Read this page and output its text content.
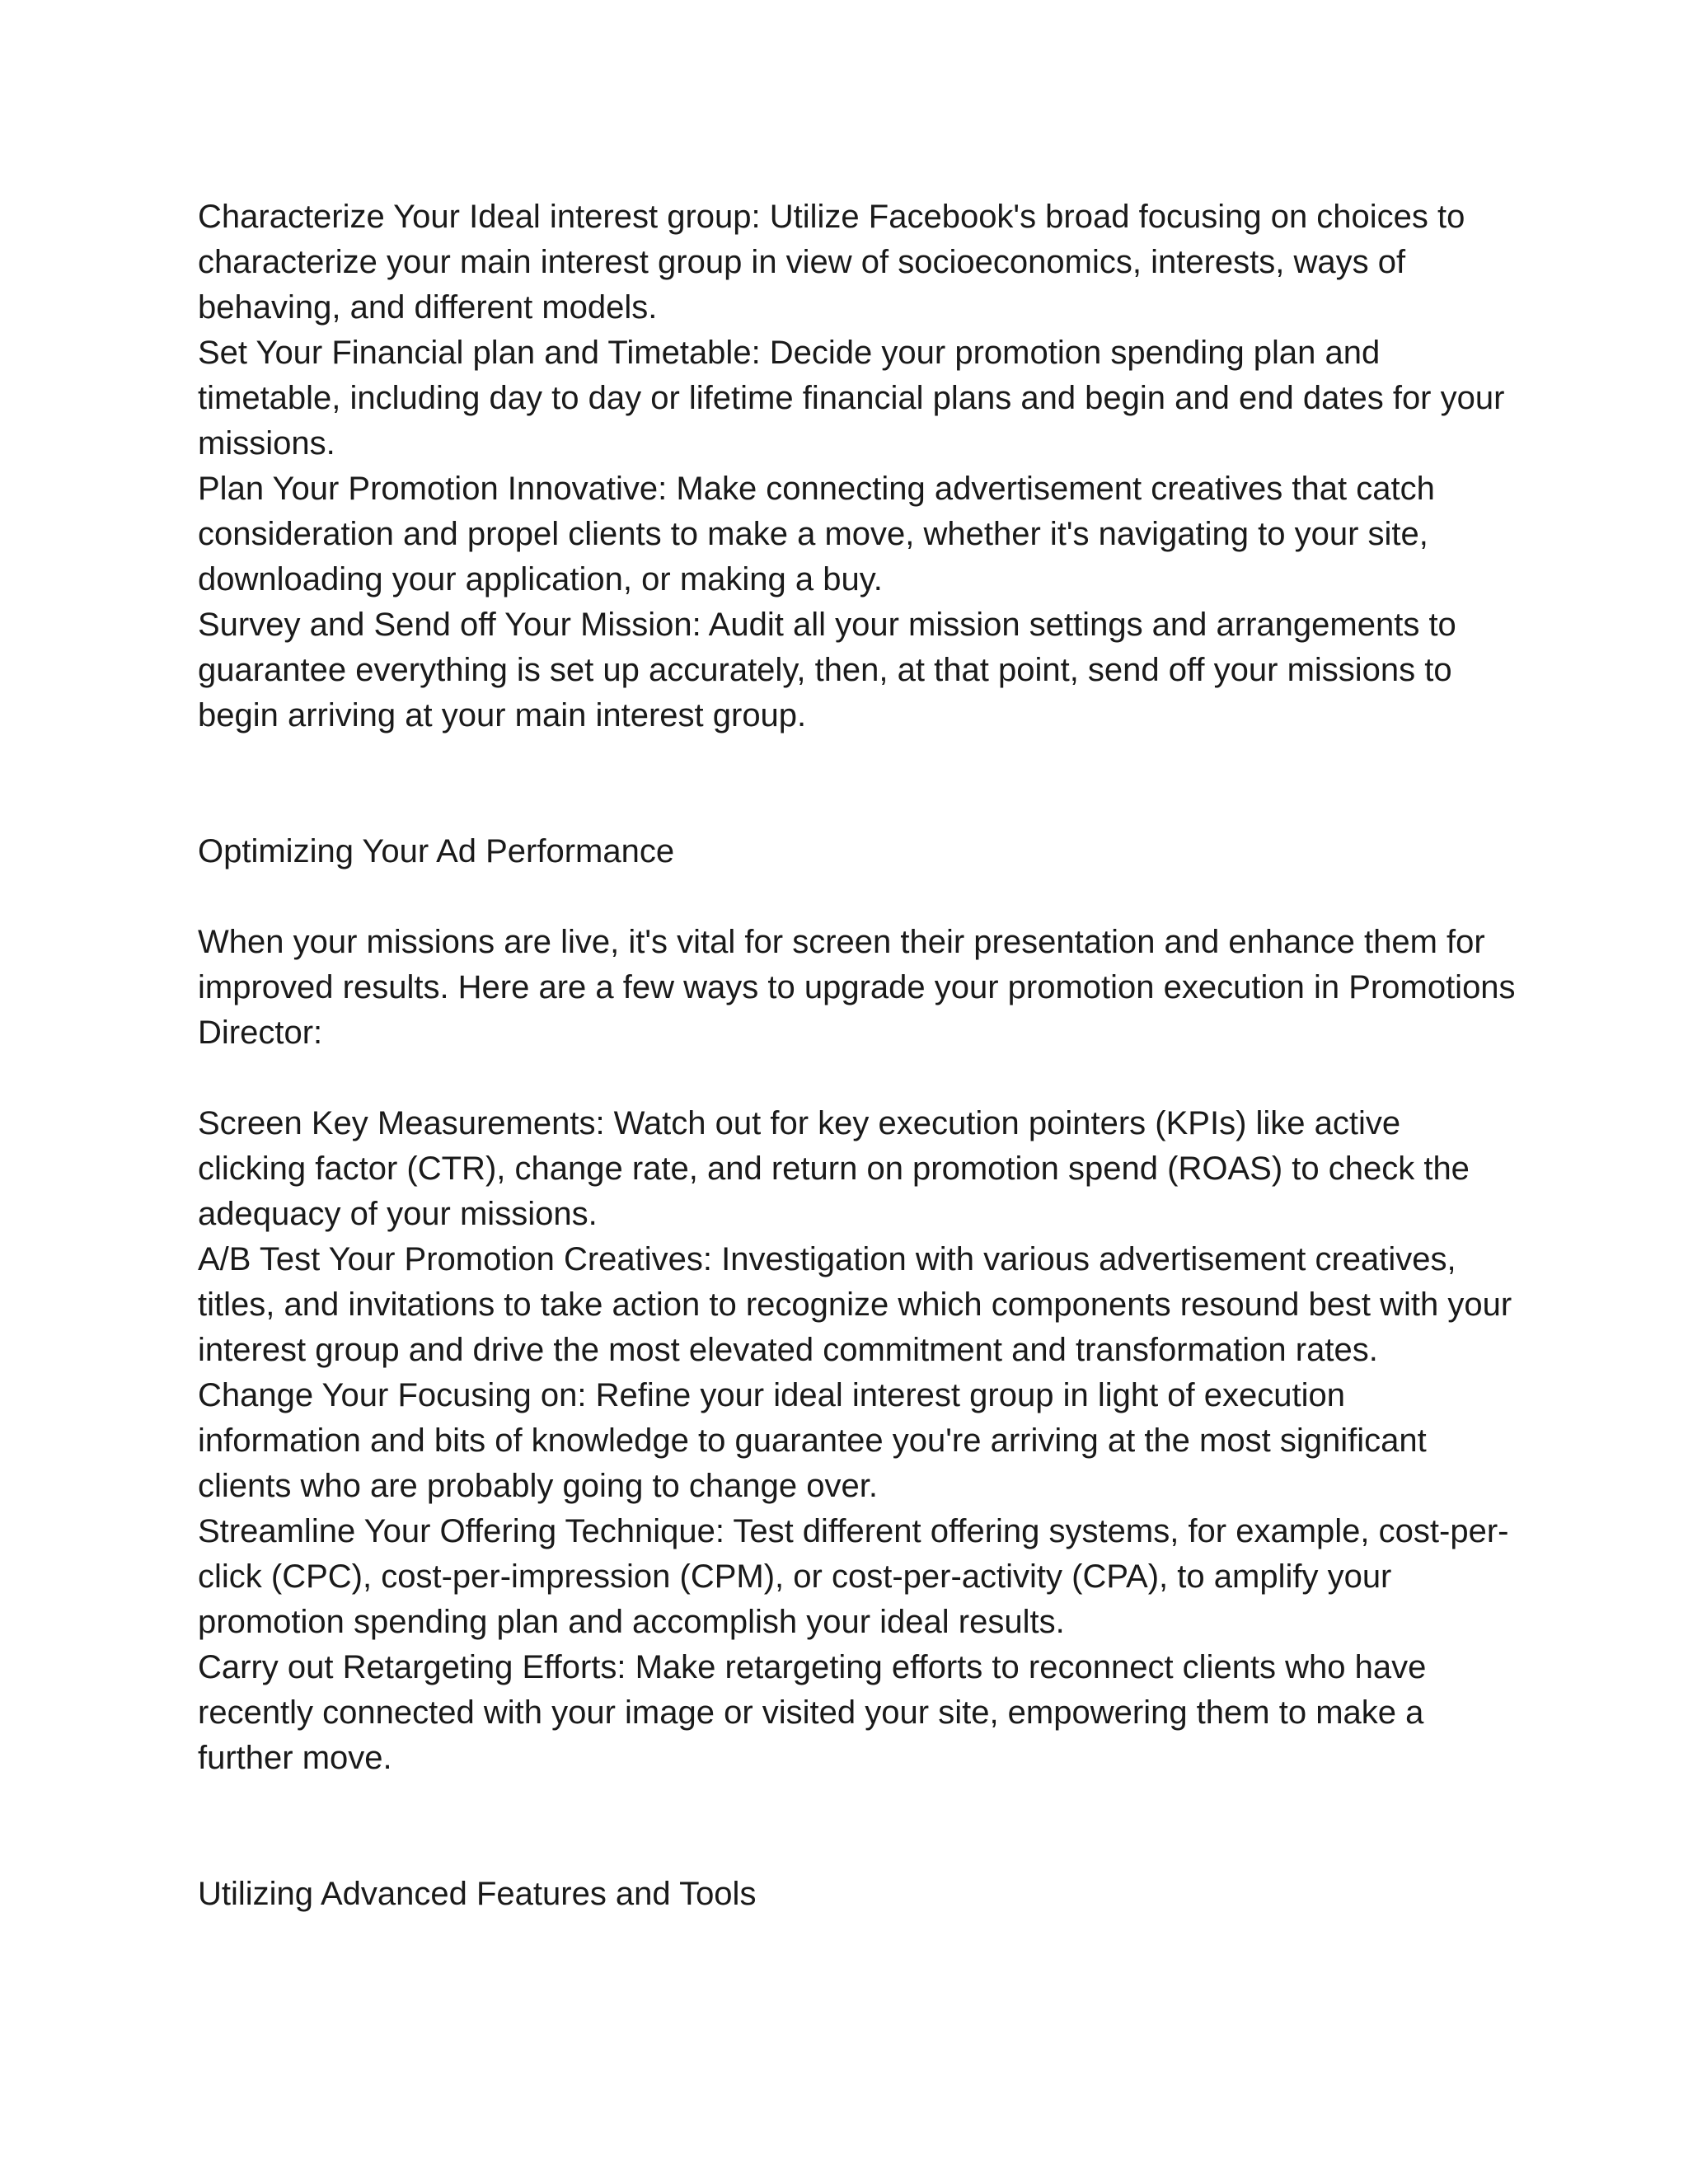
Characterize Your Ideal interest group: Utilize Facebook's broad focusing on choices to characterize your main interest group in view of socioeconomics, interests, ways of behaving, and different models.

Set Your Financial plan and Timetable: Decide your promotion spending plan and timetable, including day to day or lifetime financial plans and begin and end dates for your missions.

Plan Your Promotion Innovative: Make connecting advertisement creatives that catch consideration and propel clients to make a move, whether it's navigating to your site, downloading your application, or making a buy.

Survey and Send off Your Mission: Audit all your mission settings and arrangements to guarantee everything is set up accurately, then, at that point, send off your missions to begin arriving at your main interest group.

Optimizing Your Ad Performance

When your missions are live, it's vital for screen their presentation and enhance them for improved results. Here are a few ways to upgrade your promotion execution in Promotions Director:

Screen Key Measurements: Watch out for key execution pointers (KPIs) like active clicking factor (CTR), change rate, and return on promotion spend (ROAS) to check the adequacy of your missions.

A/B Test Your Promotion Creatives: Investigation with various advertisement creatives, titles, and invitations to take action to recognize which components resound best with your interest group and drive the most elevated commitment and transformation rates.

Change Your Focusing on: Refine your ideal interest group in light of execution information and bits of knowledge to guarantee you're arriving at the most significant clients who are probably going to change over.

Streamline Your Offering Technique: Test different offering systems, for example, cost-per-click (CPC), cost-per-impression (CPM), or cost-per-activity (CPA), to amplify your promotion spending plan and accomplish your ideal results.

Carry out Retargeting Efforts: Make retargeting efforts to reconnect clients who have recently connected with your image or visited your site, empowering them to make a further move.

Utilizing Advanced Features and Tools
